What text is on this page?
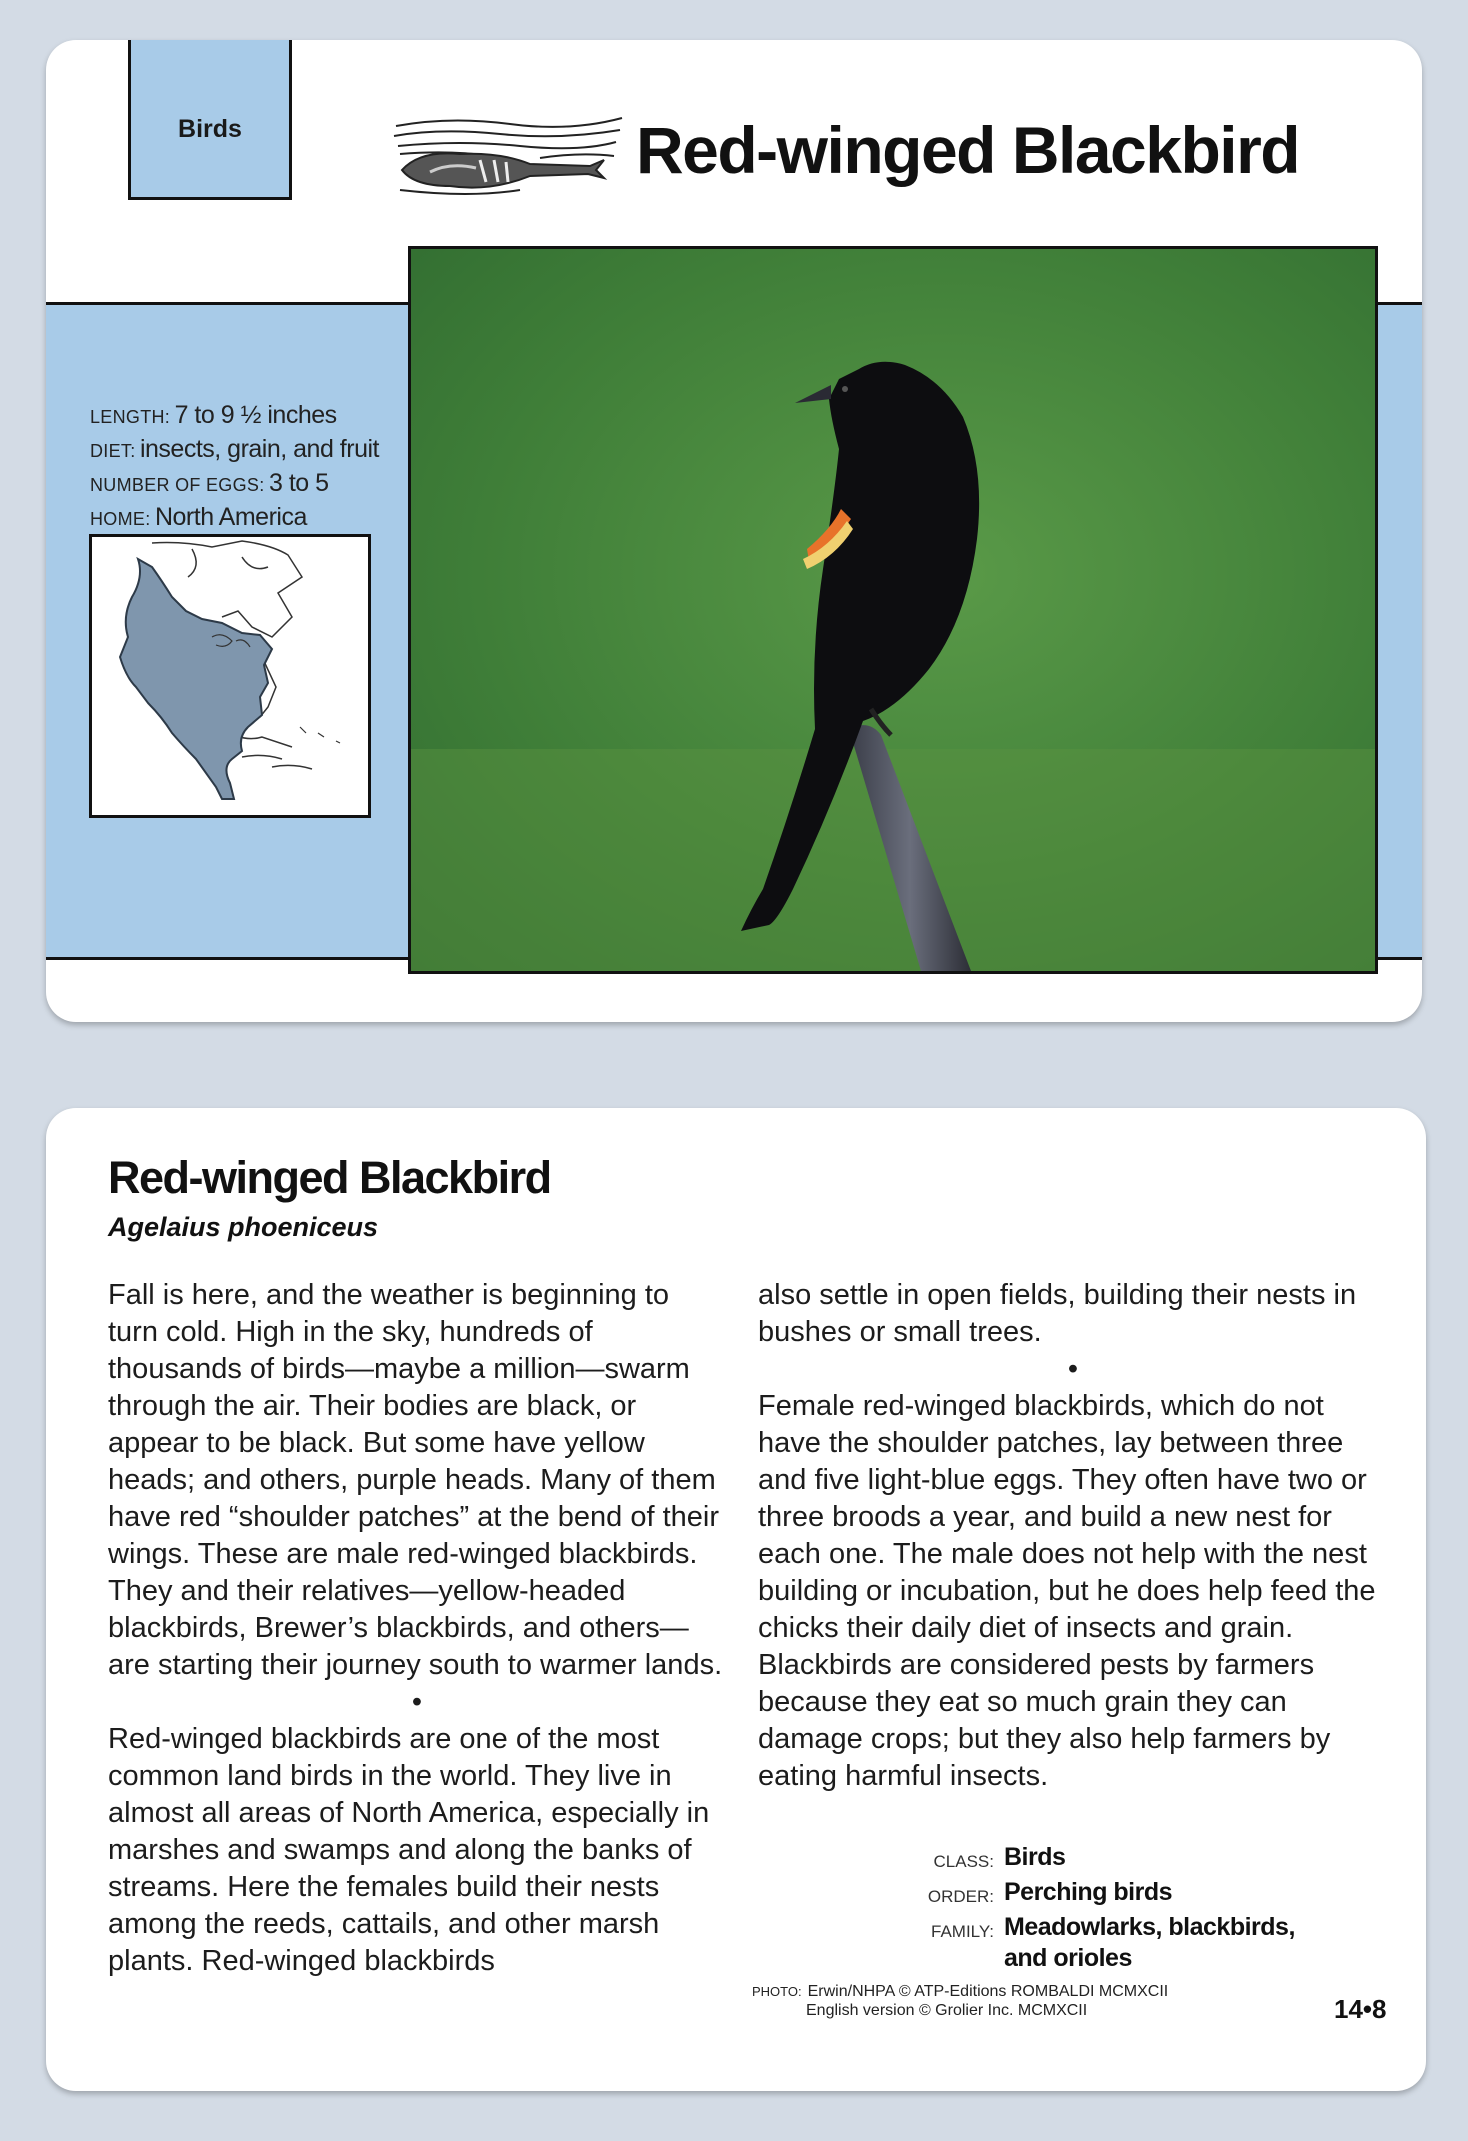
Birds	Red-winged Blackbird
LENGTH: 7 to 9 ½ inches
DIET: insects, grain, and fruit
NUMBER OF EGGS: 3 to 5
HOME: North America
Red-winged Blackbird
Agelaius phoeniceus

Fall is here, and the weather is beginning to turn cold. High in the sky, hundreds of thousands of birds—maybe a million—swarm through the air. Their bodies are black, or appear to be black. But some have yellow heads; and others, purple heads. Many of them have red “shoulder patches” at the bend of their wings. These are male red-winged blackbirds. They and their relatives—yellow-headed blackbirds, Brewer’s blackbirds, and others—are starting their journey south to warmer lands.

•

Red-winged blackbirds are one of the most common land birds in the world. They live in almost all areas of North America, especially in marshes and swamps and along the banks of streams. Here the females build their nests among the reeds, cattails, and other marsh plants. Red-winged blackbirds

also settle in open fields, building their nests in bushes or small trees.

•

Female red-winged blackbirds, which do not have the shoulder patches, lay between three and five light-blue eggs. They often have two or three broods a year, and build a new nest for each one. The male does not help with the nest building or incubation, but he does help feed the chicks their daily diet of insects and grain. Blackbirds are considered pests by farmers because they eat so much grain they can damage crops; but they also help farmers by eating harmful insects.

CLASS: Birds
ORDER: Perching birds
FAMILY: Meadowlarks, blackbirds, and orioles
PHOTO: Erwin/NHPA © ATP-Editions ROMBALDI MCMXCII
English version © Grolier Inc. MCMXCII	14•8
